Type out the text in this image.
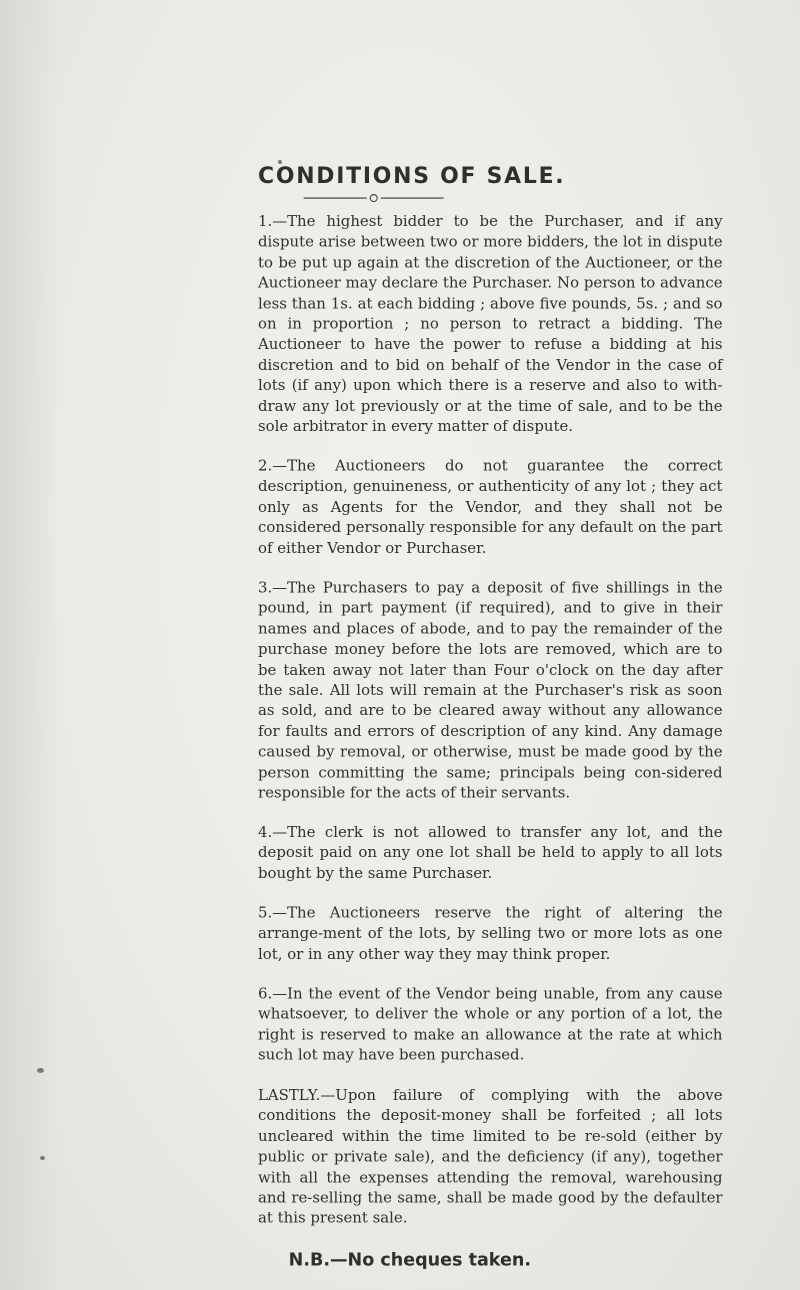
CONDITIONS OF SALE.

1.—The highest bidder to be the Purchaser, and if any dispute arise between two or more bidders, the lot in dispute to be put up again at the discretion of the Auctioneer, or the Auctioneer may declare the Purchaser. No person to advance less than 1s. at each bidding ; above five pounds, 5s. ; and so on in proportion ; no person to retract a bidding. The Auctioneer to have the power to refuse a bidding at his discretion and to bid on behalf of the Vendor in the case of lots (if any) upon which there is a reserve and also to with-draw any lot previously or at the time of sale, and to be the sole arbitrator in every matter of dispute.

2.—The Auctioneers do not guarantee the correct description, genuineness, or authenticity of any lot ; they act only as Agents for the Vendor, and they shall not be considered personally responsible for any default on the part of either Vendor or Purchaser.

3.—The Purchasers to pay a deposit of five shillings in the pound, in part payment (if required), and to give in their names and places of abode, and to pay the remainder of the purchase money before the lots are removed, which are to be taken away not later than Four o'clock on the day after the sale. All lots will remain at the Purchaser's risk as soon as sold, and are to be cleared away without any allowance for faults and errors of description of any kind. Any damage caused by removal, or otherwise, must be made good by the person committing the same; principals being con-sidered responsible for the acts of their servants.

4.—The clerk is not allowed to transfer any lot, and the deposit paid on any one lot shall be held to apply to all lots bought by the same Purchaser.

5.—The Auctioneers reserve the right of altering the arrange-ment of the lots, by selling two or more lots as one lot, or in any other way they may think proper.

6.—In the event of the Vendor being unable, from any cause whatsoever, to deliver the whole or any portion of a lot, the right is reserved to make an allowance at the rate at which such lot may have been purchased.

LASTLY.—Upon failure of complying with the above conditions the deposit-money shall be forfeited ; all lots uncleared within the time limited to be re-sold (either by public or private sale), and the deficiency (if any), together with all the expenses attending the removal, warehousing and re-selling the same, shall be made good by the defaulter at this present sale.

N.B.—No cheques taken.
